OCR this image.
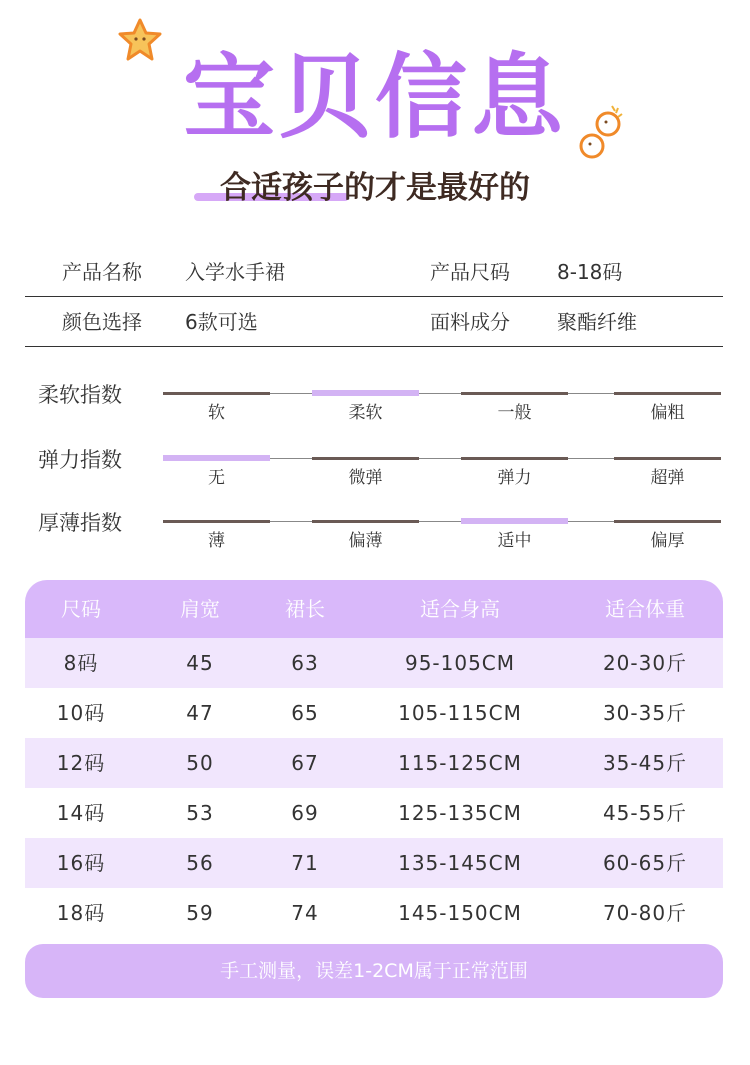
宝贝信息
合适孩子的才是最好的
产品名称 入学水手裙	产品尺码 8-18码
颜色选择 6款可选	面料成分 聚酯纤维
柔软指数
软	柔软	一般	偏粗
弹力指数
无	微弹	弹力	超弹
厚薄指数
薄	偏薄	适中	偏厚
尺码	肩宽	裙长	适合身高	适合体重
8码	45	63	95-105CM	20-30斤
10码	47	65	105-115CM	30-35斤
12码	50	67	115-125CM	35-45斤
14码	53	69	125-135CM	45-55斤
16码	56	71	135-145CM	60-65斤
18码	59	74	145-150CM	70-80斤
手工测量，误差1-2CM属于正常范围
